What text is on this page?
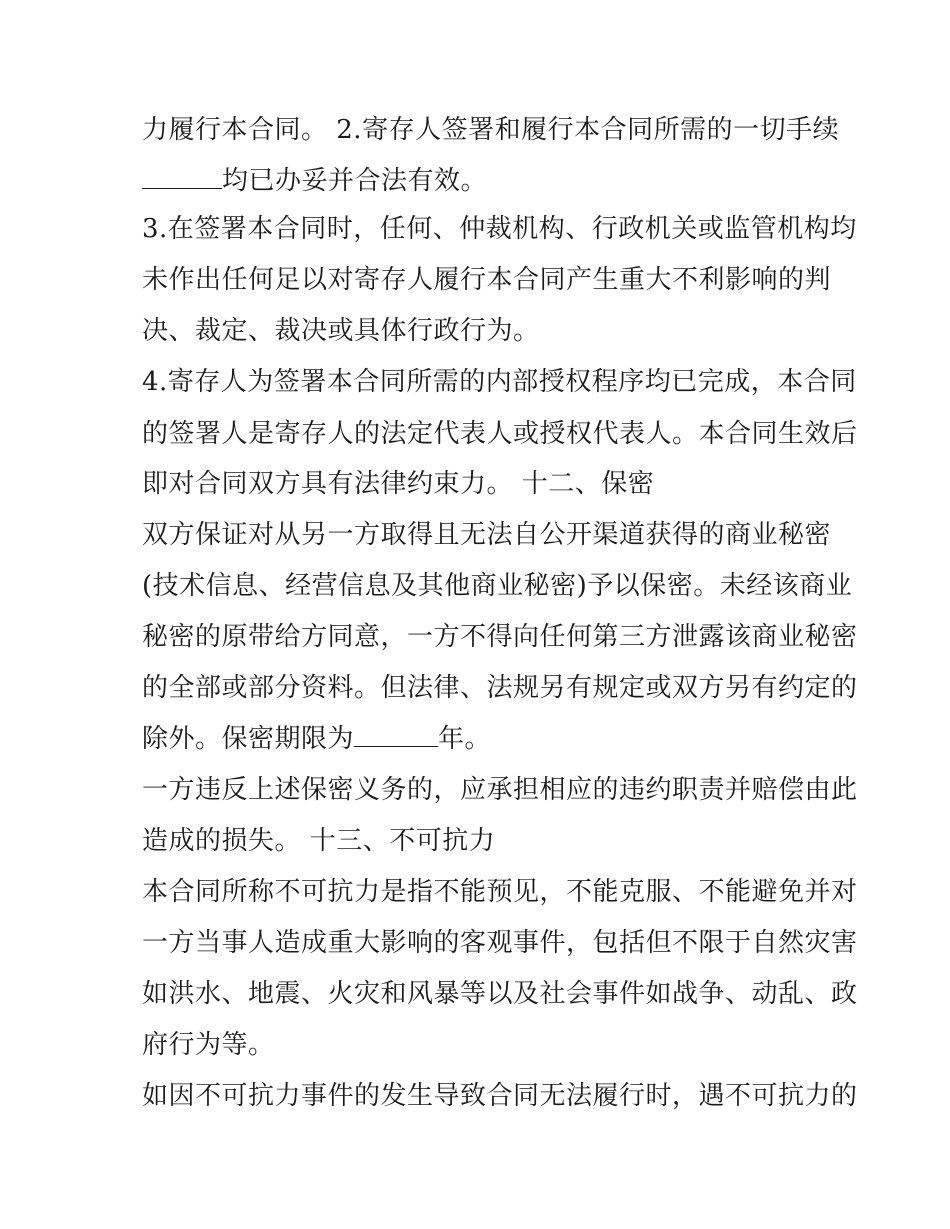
力履行本合同。 2.寄存人签署和履行本合同所需的一切手续
均已办妥并合法有效。
3.在签署本合同时，任何、仲裁机构、行政机关或监管机构均
未作出任何足以对寄存人履行本合同产生重大不利影响的判
决、裁定、裁决或具体行政行为。
4.寄存人为签署本合同所需的内部授权程序均已完成，本合同
的签署人是寄存人的法定代表人或授权代表人。本合同生效后
即对合同双方具有法律约束力。 十二、保密
双方保证对从另一方取得且无法自公开渠道获得的商业秘密
(技术信息、经营信息及其他商业秘密)予以保密。未经该商业
秘密的原带给方同意，一方不得向任何第三方泄露该商业秘密
的全部或部分资料。但法律、法规另有规定或双方另有约定的
除外。保密期限为	年。
一方违反上述保密义务的，应承担相应的违约职责并赔偿由此
造成的损失。 十三、不可抗力
本合同所称不可抗力是指不能预见，不能克服、不能避免并对
一方当事人造成重大影响的客观事件，包括但不限于自然灾害
如洪水、地震、火灾和风暴等以及社会事件如战争、动乱、政
府行为等。
如因不可抗力事件的发生导致合同无法履行时，遇不可抗力的
